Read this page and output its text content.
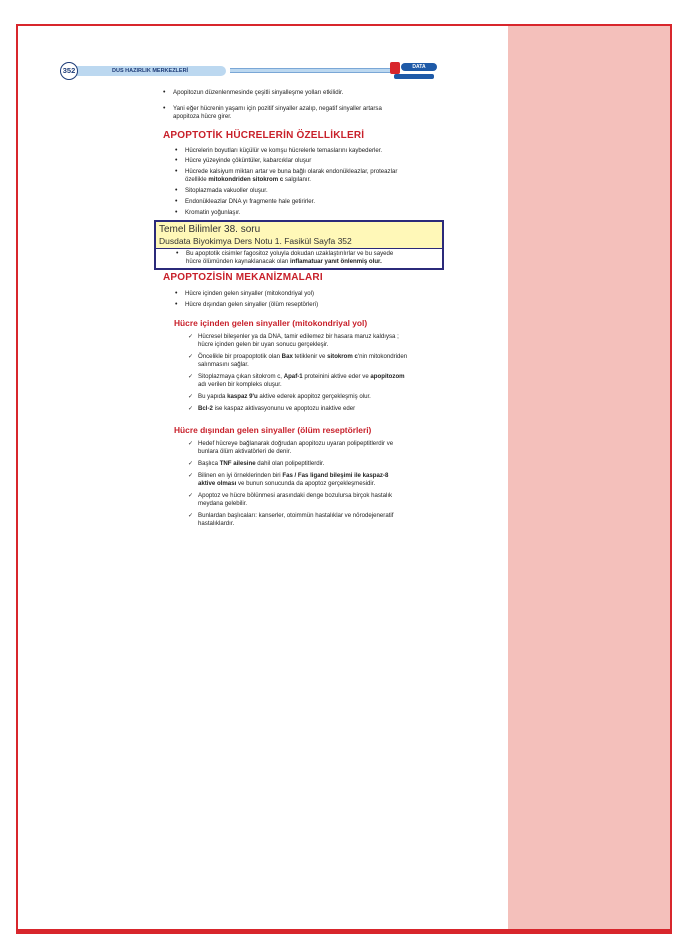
DUS HAZIRLIK MERKEZLERİ
352	DATA
• Apopitozun düzenlenmesinde çeşitli sinyalleşme yolları etkilidir.
• Yani eğer hücrenin yaşamı için pozitif sinyaller azalıp, negatif sinyaller artarsa
apopitoza hücre girer.
APOPTOTİK HÜCRELERİN ÖZELLİKLERİ
• Hücrelerin boyutları küçülür ve komşu hücrelerle temaslarını kaybederler.
• Hücre yüzeyinde çöküntüler, kabarcıklar oluşur
• Hücrede kalsiyum miktarı artar ve buna bağlı olarak endonükleazlar, proteazlar
özellikle mitokondriden sitokrom c salgılanır.
• Sitoplazmada vakuoller oluşur.
• Endonükleazlar DNA yı fragmente hale getirirler.
• Kromatin yoğunlaşır.
Temel Bilimler 38. soru
Dusdata Biyokimya Ders Notu 1. Fasikül Sayfa 352
• Bu apoptotik cisimler fagositoz yoluyla dokudan uzaklaştırılırlar ve bu sayede
hücre ölümünden kaynaklanacak olan inflamatuar yanıt önlenmiş olur.
APOPTOZİSİN MEKANİZMALARI
• Hücre içinden gelen sinyaller (mitokondriyal yol)
• Hücre dışından gelen sinyaller (ölüm reseptörleri)
Hücre içinden gelen sinyaller (mitokondriyal yol)
✓ Hücresel bileşenler ya da DNA, tamir edilemez bir hasara maruz kaldıysa ;
hücre içinden gelen bir uyarı sonucu gerçekleşir.
✓ Öncelikle bir proapoptotik olan Bax tetiklenir ve sitokrom c'nin mitokondriden
salınmasını sağlar.
✓ Sitoplazmaya çıkan sitokrom c, Apaf-1 proteinini aktive eder ve apopitozom
adı verilen bir kompleks oluşur.
✓ Bu yapıda kaspaz 9'u aktive ederek apopitoz gerçekleşmiş olur.
✓ Bcl-2 ise kaspaz aktivasyonunu ve apoptozu inaktive eder
Hücre dışından gelen sinyaller (ölüm reseptörleri)
✓ Hedef hücreye bağlanarak doğrudan apopitozu uyaran polipeptitlerdir ve
bunlara ölüm aktivatörleri de denir.
✓ Başlıca TNF ailesine dahil olan polipeptitlerdir.
✓ Bilinen en iyi örneklerinden biri Fas / Fas ligand bileşimi ile kaspaz-8
aktive olması ve bunun sonucunda da apoptoz gerçekleşmesidir.
✓ Apoptoz ve hücre bölünmesi arasındaki denge bozulursa birçok hastalık
meydana gelebilir.
✓ Bunlardan başlıcaları: kanserler, otoimmün hastalıklar ve nörodejeneratif
hastalıklardır.
